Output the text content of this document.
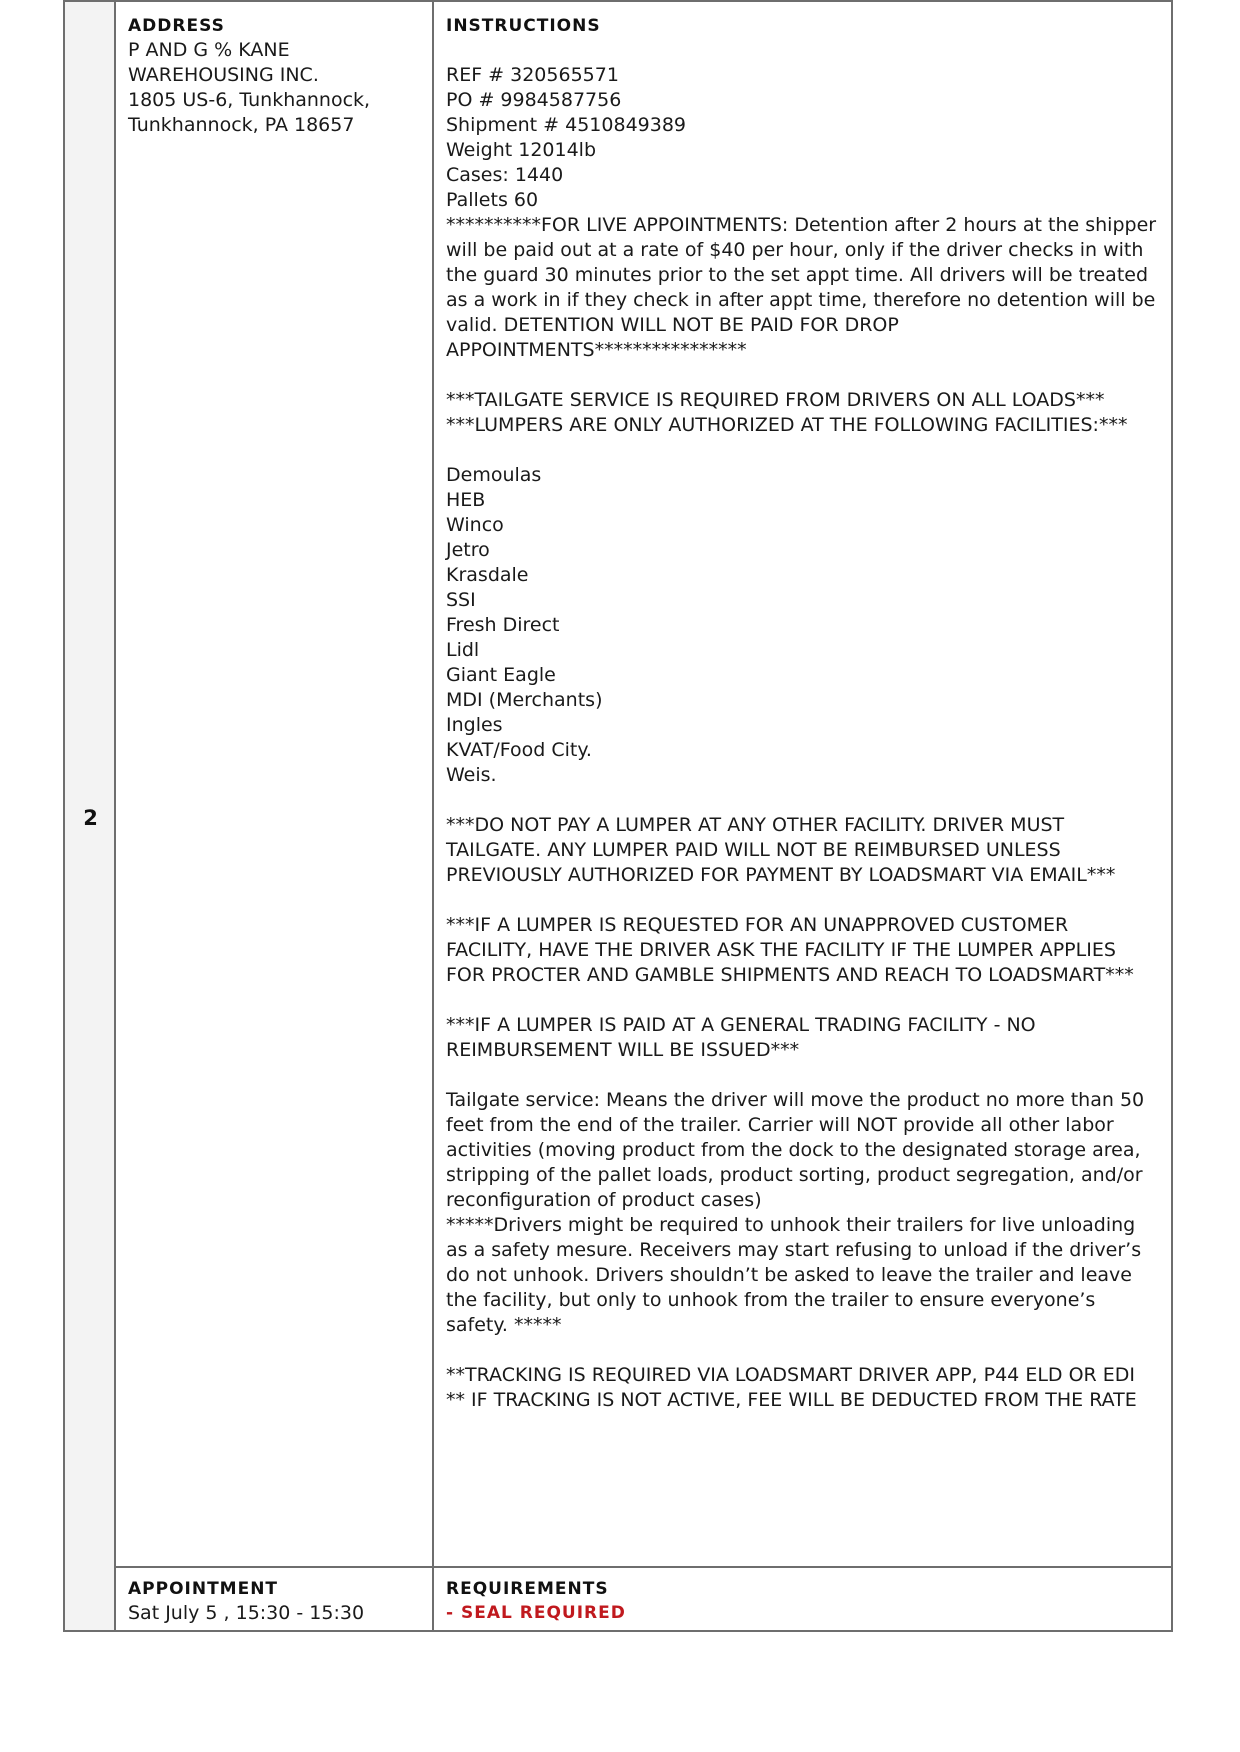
2
ADDRESS
P AND G % KANE
WAREHOUSING INC.
1805 US-6, Tunkhannock,
Tunkhannock, PA 18657
INSTRUCTIONS

REF # 320565571
PO # 9984587756
Shipment # 4510849389
Weight 12014lb
Cases: 1440
Pallets 60
**********FOR LIVE APPOINTMENTS: Detention after 2 hours at the shipper will be paid out at a rate of $40 per hour, only if the driver checks in with the guard 30 minutes prior to the set appt time. All drivers will be treated as a work in if they check in after appt time, therefore no detention will be valid. DETENTION WILL NOT BE PAID FOR DROP APPOINTMENTS****************

***TAILGATE SERVICE IS REQUIRED FROM DRIVERS ON ALL LOADS***
***LUMPERS ARE ONLY AUTHORIZED AT THE FOLLOWING FACILITIES:***

Demoulas
HEB
Winco
Jetro
Krasdale
SSI
Fresh Direct
Lidl
Giant Eagle
MDI (Merchants)
Ingles
KVAT/Food City.
Weis.

***DO NOT PAY A LUMPER AT ANY OTHER FACILITY. DRIVER MUST TAILGATE. ANY LUMPER PAID WILL NOT BE REIMBURSED UNLESS PREVIOUSLY AUTHORIZED FOR PAYMENT BY LOADSMART VIA EMAIL***

***IF A LUMPER IS REQUESTED FOR AN UNAPPROVED CUSTOMER FACILITY, HAVE THE DRIVER ASK THE FACILITY IF THE LUMPER APPLIES FOR PROCTER AND GAMBLE SHIPMENTS AND REACH TO LOADSMART***

***IF A LUMPER IS PAID AT A GENERAL TRADING FACILITY - NO REIMBURSEMENT WILL BE ISSUED***

Tailgate service: Means the driver will move the product no more than 50 feet from the end of the trailer. Carrier will NOT provide all other labor activities (moving product from the dock to the designated storage area, stripping of the pallet loads, product sorting, product segregation, and/or reconfiguration of product cases)
*****Drivers might be required to unhook their trailers for live unloading as a safety mesure. Receivers may start refusing to unload if the driver’s do not unhook. Drivers shouldn’t be asked to leave the trailer and leave the facility, but only to unhook from the trailer to ensure everyone’s safety. *****

**TRACKING IS REQUIRED VIA LOADSMART DRIVER APP, P44 ELD OR EDI
** IF TRACKING IS NOT ACTIVE, FEE WILL BE DEDUCTED FROM THE RATE
APPOINTMENT
Sat July 5 , 15:30 - 15:30
REQUIREMENTS
- SEAL REQUIRED
